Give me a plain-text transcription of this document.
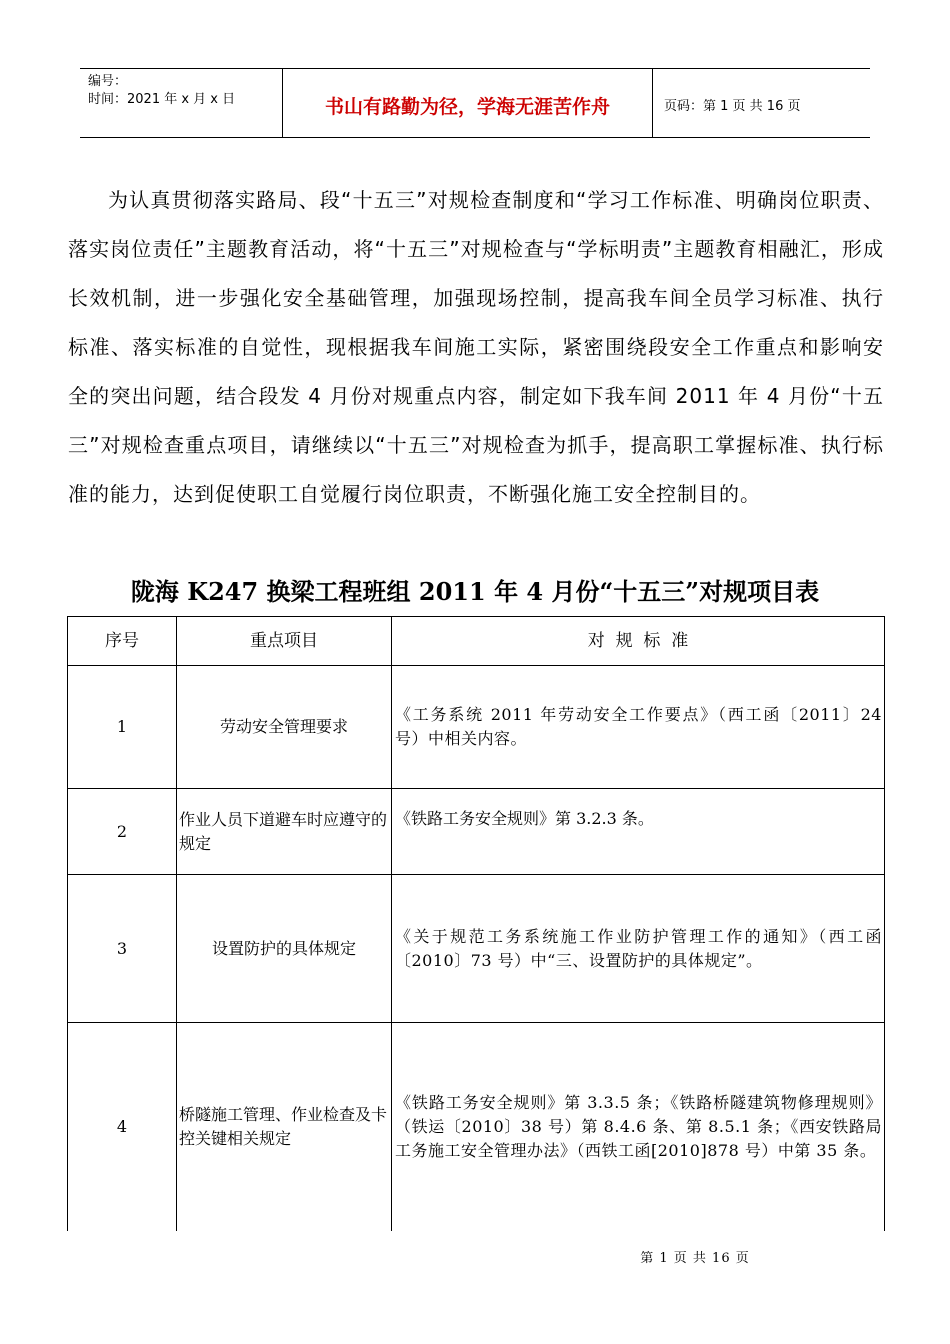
编号：
时间：2021 年 x 月 x 日	书山有路勤为径，学海无涯苦作舟	页码：第 1 页 共 16 页
为认真贯彻落实路局、段“十五三”对规检查制度和“学习工作标准、明确岗位职责、落实岗位责任”主题教育活动，将“十五三”对规检查与“学标明责”主题教育相融汇，形成长效机制，进一步强化安全基础管理，加强现场控制，提高我车间全员学习标准、执行标准、落实标准的自觉性，现根据我车间施工实际，紧密围绕段安全工作重点和影响安全的突出问题，结合段发 4 月份对规重点内容，制定如下我车间 2011 年 4 月份“十五三”对规检查重点项目，请继续以“十五三”对规检查为抓手，提高职工掌握标准、执行标准的能力，达到促使职工自觉履行岗位职责，不断强化施工安全控制目的。
陇海 K247 换梁工程班组 2011 年 4 月份“十五三”对规项目表
序号	重点项目	对  规  标  准
1	劳动安全管理要求	《工务系统 2011 年劳动安全工作要点》（西工函〔2011〕24 号）中相关内容。
2	作业人员下道避车时应遵守的规定	《铁路工务安全规则》第 3.2.3 条。
3	设置防护的具体规定	《关于规范工务系统施工作业防护管理工作的通知》（西工函〔2010〕73 号）中“三、设置防护的具体规定”。
4	桥隧施工管理、作业检查及卡控关键相关规定	《铁路工务安全规则》第 3.3.5 条；《铁路桥隧建筑物修理规则》（铁运〔2010〕38 号）第 8.4.6 条、第 8.5.1 条；《西安铁路局工务施工安全管理办法》（西铁工函[2010]878 号）中第 35 条。
第 1 页 共 16 页
